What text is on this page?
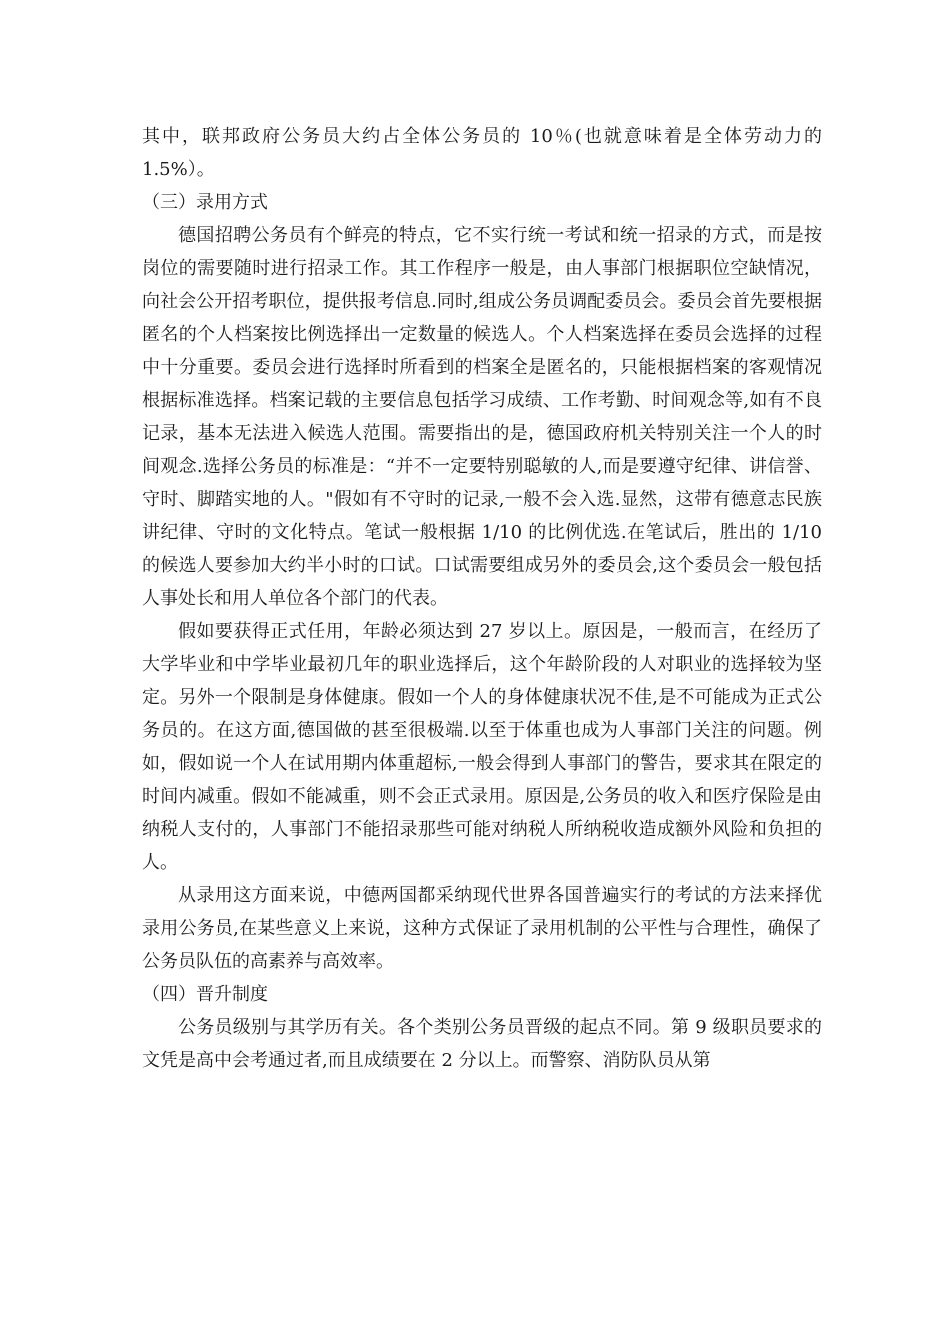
其中，联邦政府公务员大约占全体公务员的 10％(也就意味着是全体劳动力的 1.5%）。

（三）录用方式

德国招聘公务员有个鲜亮的特点，它不实行统一考试和统一招录的方式，而是按岗位的需要随时进行招录工作。其工作程序一般是，由人事部门根据职位空缺情况，向社会公开招考职位，提供报考信息.同时,组成公务员调配委员会。委员会首先要根据匿名的个人档案按比例选择出一定数量的候选人。个人档案选择在委员会选择的过程中十分重要。委员会进行选择时所看到的档案全是匿名的，只能根据档案的客观情况根据标准选择。档案记载的主要信息包括学习成绩、工作考勤、时间观念等,如有不良记录，基本无法进入候选人范围。需要指出的是，德国政府机关特别关注一个人的时间观念.选择公务员的标准是：“并不一定要特别聪敏的人,而是要遵守纪律、讲信誉、守时、脚踏实地的人。"假如有不守时的记录,一般不会入选.显然，这带有德意志民族讲纪律、守时的文化特点。笔试一般根据 1/10 的比例优选.在笔试后，胜出的 1/10 的候选人要参加大约半小时的口试。口试需要组成另外的委员会,这个委员会一般包括人事处长和用人单位各个部门的代表。

假如要获得正式任用，年龄必须达到 27 岁以上。原因是，一般而言，在经历了大学毕业和中学毕业最初几年的职业选择后，这个年龄阶段的人对职业的选择较为坚定。另外一个限制是身体健康。假如一个人的身体健康状况不佳,是不可能成为正式公务员的。在这方面,德国做的甚至很极端.以至于体重也成为人事部门关注的问题。例如，假如说一个人在试用期内体重超标,一般会得到人事部门的警告，要求其在限定的时间内减重。假如不能减重，则不会正式录用。原因是,公务员的收入和医疗保险是由纳税人支付的，人事部门不能招录那些可能对纳税人所纳税收造成额外风险和负担的人。

从录用这方面来说，中德两国都采纳现代世界各国普遍实行的考试的方法来择优录用公务员,在某些意义上来说，这种方式保证了录用机制的公平性与合理性，确保了公务员队伍的高素养与高效率。

（四）晋升制度

公务员级别与其学历有关。各个类别公务员晋级的起点不同。第 9 级职员要求的文凭是高中会考通过者,而且成绩要在 2 分以上。而警察、消防队员从第
